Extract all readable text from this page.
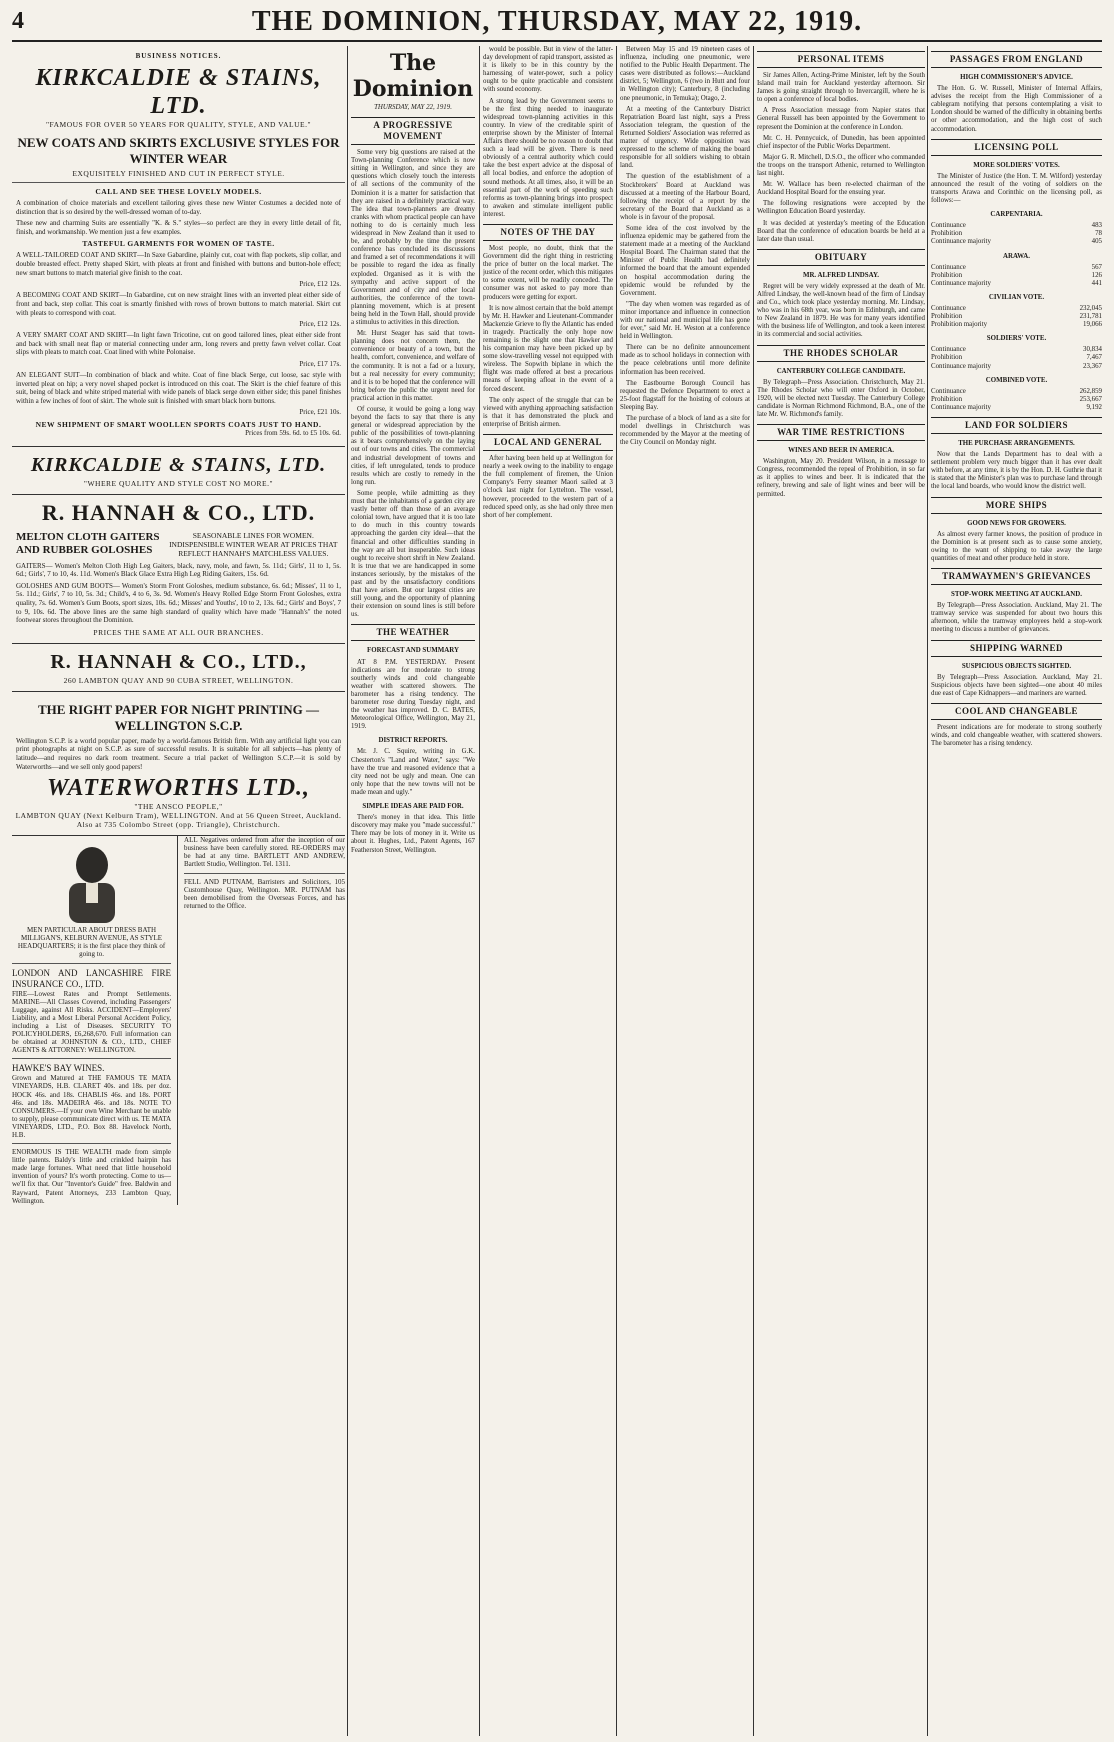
4	THE DOMINION, THURSDAY, MAY 22, 1919.
BUSINESS NOTICES.
KIRKCALDIE & STAINS, LTD.
"FAMOUS FOR OVER 50 YEARS FOR QUALITY, STYLE, AND VALUE."
NEW COATS AND SKIRTS EXCLUSIVE STYLES FOR WINTER WEAR
EXQUISITELY FINISHED AND CUT IN PERFECT STYLE.
CALL AND SEE THESE LOVELY MODELS.
A combination of choice materials and excellent tailoring gives these new Winter Costumes a decided note of distinction that is so desired by the well-dressed woman of to-day.
These new and charming Suits are essentially "K. & S." styles—so perfect are they in every little detail of fit, finish, and workmanship. We mention just a few examples.
TASTEFUL GARMENTS FOR WOMEN OF TASTE.
A WELL-TAILORED COAT AND SKIRT—In Saxe Gabardine, plainly cut, coat with flap pockets, slip collar, and double breasted effect. Pretty shaped Skirt, with pleats at front and finished with buttons and button-hole effect; new smart buttons to match material give finish to the coat.
Price, £12 12s.
A BECOMING COAT AND SKIRT—In Gabardine, cut on new straight lines with an inverted pleat either side of front and back, step collar. This coat is smartly finished with rows of brown buttons to match material. Skirt cut with pleats to correspond with coat.
Price, £12 12s.
A VERY SMART COAT AND SKIRT—In light fawn Tricotine, cut on good tailored lines, pleat either side front and back with small neat flap or material connecting under arm, long revers and pretty fawn velvet collar. Coat slips with pleats to match coat. Coat lined with white Polonaise.
Price, £17 17s.
AN ELEGANT SUIT—In combination of black and white. Coat of fine black Serge, cut loose, sac style with inverted pleat on hip; a very novel shaped pocket is introduced on this coat. The Skirt is the chief feature of this suit, being of black and white striped material with wide panels of black serge down either side; this panel finishes within a few inches of foot of skirt. The whole suit is finished with smart black horn buttons.
Price, £21 10s.
NEW SHIPMENT OF SMART WOOLLEN SPORTS COATS JUST TO HAND.
Prices from 59s. 6d. to £5 10s. 6d.
KIRKCALDIE & STAINS, LTD.
"WHERE QUALITY AND STYLE COST NO MORE."
R. HANNAH & CO., LTD.
MELTON CLOTH GAITERS AND RUBBER GOLOSHES
SEASONABLE LINES FOR WOMEN. INDISPENSIBLE WINTER WEAR AT PRICES THAT REFLECT HANNAH'S MATCHLESS VALUES.
GAITERS— Women's Melton Cloth High Leg Gaiters, black, navy, mole, and fawn, 5s. 11d.; Girls', 11 to 1, 5s. 6d.; Girls', 7 to 10, 4s. 11d. Women's Black Glace Extra High Leg Riding Gaiters, 15s. 6d.
GOLOSHES AND GUM BOOTS— Women's Storm Front Goloshes, medium substance, 6s. 6d.; Misses', 11 to 1, 5s. 11d.; Girls', 7 to 10, 5s. 3d.; Child's, 4 to 6, 3s. 9d. Women's Heavy Rolled Edge Storm Front Goloshes, extra quality, 7s. 6d. Women's Gum Boots, sport sizes, 10s. 6d.; Misses' and Youths', 10 to 2, 13s. 6d.; Girls' and Boys', 7 to 9, 10s. 6d. The above lines are the same high standard of quality which have made "Hannah's" the noted footwear stores throughout the Dominion.
PRICES THE SAME AT ALL OUR BRANCHES.
R. HANNAH & CO., LTD.,
260 LAMBTON QUAY AND 90 CUBA STREET, WELLINGTON.
THE RIGHT PAPER FOR NIGHT PRINTING —WELLINGTON S.C.P.
Wellington S.C.P. is a world popular paper, made by a world-famous British firm. With any artificial light you can print photographs at night on S.C.P. as sure of successful results. It is suitable for all subjects—has plenty of latitude—and requires no dark room treatment. Secure a trial packet of Wellington S.C.P.—it is sold by Waterworths—and we sell only good papers!
WATERWORTHS LTD.,
"THE ANSCO PEOPLE,"
LAMBTON QUAY (Next Kelburn Tram), WELLINGTON. And at 56 Queen Street, Auckland. Also at 735 Colombo Street (opp. Triangle), Christchurch.
MEN PARTICULAR ABOUT DRESS BATH MILLIGAN'S, KELBURN AVENUE, AS STYLE HEADQUARTERS; it is the first place they think of going to.
LONDON AND LANCASHIRE FIRE INSURANCE CO., LTD.
FIRE—Lowest Rates and Prompt Settlements. MARINE—All Classes Covered, including Passengers' Luggage, against All Risks. ACCIDENT—Employers' Liability, and a Most Liberal Personal Accident Policy, including a List of Diseases. SECURITY TO POLICYHOLDERS, £6,268,670. Full information can be obtained at JOHNSTON & CO., LTD., CHIEF AGENTS & ATTORNEY: WELLINGTON.
HAWKE'S BAY WINES.
Grown and Matured at THE FAMOUS TE MATA VINEYARDS, H.B. CLARET 40s. and 18s. per doz. HOCK 46s. and 18s. CHABLIS 46s. and 18s. PORT 46s. and 18s. MADEIRA 46s. and 18s. NOTE TO CONSUMERS.—If your own Wine Merchant be unable to supply, please communicate direct with us. TE MATA VINEYARDS, LTD., P.O. Box 88. Havelock North, H.B.
ENORMOUS IS THE WEALTH made from simple little patents. Baldy's little and crinkled hairpin has made large fortunes. What need that little household invention of yours? It's worth protecting. Come to us—we'll fix that. Our "Inventor's Guide" free. Baldwin and Rayward, Patent Attorneys, 233 Lambton Quay, Wellington.
ALL Negatives ordered from after the inception of our business have been carefully stored. RE-ORDERS may be had at any time. BARTLETT AND ANDREW, Bartlett Studio, Wellington. Tel. 1311.
FELL AND PUTNAM, Barristers and Solicitors, 105 Customhouse Quay, Wellington. MR. PUTNAM has been demobilised from the Overseas Forces, and has returned to the Office.
The Dominion
THURSDAY, MAY 22, 1919.
A PROGRESSIVE MOVEMENT

Some very big questions are raised at the Town-planning Conference which is now sitting in Wellington, and since they are questions which closely touch the interests of all sections of the community of the Dominion it is a matter for satisfaction that they are raised in a definitely practical way. The idea that town-planners are dreamy cranks with whom practical people can have nothing to do is certainly much less widespread in New Zealand than it used to be, and probably by the time the present conference has concluded its discussions and framed a set of recommendations it will be possible to regard the idea as finally exploded. Organised as it is with the sympathy and active support of the Government and of city and other local authorities, the conference of the town-planning movement, which is at present being held in the Town Hall, should provide a stimulus to activities in this direction.

Mr. Hurst Seager has said that town-planning does not concern them, the convenience or beauty of a town, but the health, comfort, convenience, and welfare of the community. It is not a fad or a luxury, but a real necessity for every community; and it is to be hoped that the conference will bring before the public the urgent need for practical action in this matter.

Of course, it would be going a long way beyond the facts to say that there is any general or widespread appreciation by the public of the possibilities of town-planning as it bears comprehensively on the laying out of our towns and cities. The commercial and industrial development of towns and cities, if left unregulated, tends to produce results which are costly to remedy in the long run.

Some people, while admitting as they must that the inhabitants of a garden city are vastly better off than those of an average colonial town, have argued that it is too late to do much in this country towards approaching the garden city ideal—that the financial and other difficulties standing in the way are all but insuperable. Such ideas ought to receive short shrift in New Zealand. It is true that we are handicapped in some instances seriously, by the mistakes of the past and by the unsatisfactory conditions that have arisen. But our largest cities are still young, and the opportunity of planning their extension on sound lines is still before us.

THE WEATHER
FORECAST AND SUMMARY

AT 8 P.M. YESTERDAY. Present indications are for moderate to strong southerly winds and cold changeable weather with scattered showers. The barometer has a rising tendency. The barometer rose during Tuesday night, and the weather has improved. D. C. BATES, Meteorological Office, Wellington, May 21, 1919.

DISTRICT REPORTS.

Mr. J. C. Squire, writing in G.K. Chesterton's "Land and Water," says: "We have the true and reasoned evidence that a city need not be ugly and mean. One can only hope that the new towns will not be made mean and ugly."

SIMPLE IDEAS ARE PAID FOR.

There's money in that idea. This little discovery may make you "made successful." There may be lots of money in it. Write us about it. Hughes, Ltd., Patent Agents, 167 Featherston Street, Wellington.

would be possible. But in view of the latter-day development of rapid transport, assisted as it is likely to be in this country by the harnessing of water-power, such a policy ought to be quite practicable and consistent with sound economy.

A strong lead by the Government seems to be the first thing needed to inaugurate widespread town-planning activities in this country. In view of the creditable spirit of enterprise shown by the Minister of Internal Affairs there should be no reason to doubt that such a lead will be given. There is need obviously of a central authority which could take the best expert advice at the disposal of all local bodies, and enforce the adoption of sound methods. At all times, also, it will be an essential part of the work of speeding such reforms as town-planning brings into prospect to awaken and stimulate intelligent public interest.

NOTES OF THE DAY

Most people, no doubt, think that the Government did the right thing in restricting the price of butter on the local market. The justice of the recent order, which this mitigates to some extent, will be readily conceded. The consumer was not asked to pay more than producers were getting for export.

It is now almost certain that the bold attempt by Mr. H. Hawker and Lieutenant-Commander Mackenzie Grieve to fly the Atlantic has ended in tragedy. Practically the only hope now remaining is the slight one that Hawker and his companion may have been picked up by some slow-travelling vessel not equipped with wireless. The Sopwith biplane in which the flight was made offered at best a precarious means of keeping afloat in the event of a forced descent.

The only aspect of the struggle that can be viewed with anything approaching satisfaction is that it has demonstrated the pluck and enterprise of British airmen.

LOCAL AND GENERAL

After having been held up at Wellington for nearly a week owing to the inability to engage the full complement of firemen, the Union Company's Ferry steamer Maori sailed at 3 o'clock last night for Lyttelton. The vessel, however, proceeded to the western part of a reduced speed only, as she had only three men short of her complement.

Between May 15 and 19 nineteen cases of influenza, including one pneumonic, were notified to the Public Health Department. The cases were distributed as follows:—Auckland district, 5; Wellington, 6 (two in Hutt and four in Wellington city); Canterbury, 8 (including one pneumonic, in Temuka); Otago, 2.

At a meeting of the Canterbury District Repatriation Board last night, says a Press Association telegram, the question of the Returned Soldiers' Association was referred as matter of urgency. Wide opposition was expressed to the scheme of making the board responsible for all soldiers wishing to obtain land.

The question of the establishment of a Stockbrokers' Board at Auckland was discussed at a meeting of the Harbour Board, following the receipt of a report by the secretary of the Board that Auckland as a whole is in favour of the proposal.

Some idea of the cost involved by the influenza epidemic may be gathered from the statement made at a meeting of the Auckland Hospital Board. The Chairman stated that the Minister of Public Health had definitely informed the board that the amount expended on hospital accommodation during the epidemic would be refunded by the Government.

"The day when women was regarded as of minor importance and influence in connection with our national and municipal life has gone for ever," said Mr. H. Weston at a conference held in Wellington.

There can be no definite announcement made as to school holidays in connection with the peace celebrations until more definite information has been received.

The Eastbourne Borough Council has requested the Defence Department to erect a 25-foot flagstaff for the hoisting of colours at Sleeping Bay.

The purchase of a block of land as a site for model dwellings in Christchurch was recommended by the Mayor at the meeting of the City Council on Monday night.

PERSONAL ITEMS

Sir James Allen, Acting-Prime Minister, left by the South Island mail train for Auckland yesterday afternoon. Sir James is going straight through to Invercargill, where he is to open a conference of local bodies.

A Press Association message from Napier states that General Russell has been appointed by the Government to represent the Dominion at the conference in London.

Mr. C. H. Pennycuick, of Dunedin, has been appointed chief inspector of the Public Works Department.

Major G. R. Mitchell, D.S.O., the officer who commanded the troops on the transport Athenic, returned to Wellington last night.

Mr. W. Wallace has been re-elected chairman of the Auckland Hospital Board for the ensuing year.

The following resignations were accepted by the Wellington Education Board yesterday.

It was decided at yesterday's meeting of the Education Board that the conference of education boards be held at a later date than usual.

OBITUARY
MR. ALFRED LINDSAY.

Regret will be very widely expressed at the death of Mr. Alfred Lindsay, the well-known head of the firm of Lindsay and Co., which took place yesterday morning. Mr. Lindsay, who was in his 68th year, was born in Edinburgh, and came to New Zealand in 1879. He was for many years identified with the business life of Wellington, and took a keen interest in its commercial and social activities.

THE RHODES SCHOLAR
CANTERBURY COLLEGE CANDIDATE.

By Telegraph—Press Association. Christchurch, May 21. The Rhodes Scholar who will enter Oxford in October, 1920, will be elected next Tuesday. The Canterbury College candidate is Norman Richmond Richmond, B.A., one of the late Mr. W. Richmond's family.

WAR TIME RESTRICTIONS
WINES AND BEER IN AMERICA.

Washington, May 20. President Wilson, in a message to Congress, recommended the repeal of Prohibition, in so far as it applies to wines and beer. It is indicated that the refinery, brewing and sale of light wines and beer will be permitted.

PASSAGES FROM ENGLAND
HIGH COMMISSIONER'S ADVICE.

The Hon. G. W. Russell, Minister of Internal Affairs, advises the receipt from the High Commissioner of a cablegram notifying that persons contemplating a visit to London should be warned of the difficulty in obtaining berths or other accommodation, and the high cost of such accommodation.

LICENSING POLL
MORE SOLDIERS' VOTES.

The Minister of Justice (the Hon. T. M. Wilford) yesterday announced the result of the voting of soldiers on the transports Arawa and Corinthic on the licensing poll, as follows:—

CARPENTARIA.
Continuance	483
Prohibition	78
Continuance majority	405
ARAWA.
Continuance	567
Prohibition	126
Continuance majority	441
CIVILIAN VOTE.
Continuance	232,045
Prohibition	231,781
Prohibition majority	19,066
SOLDIERS' VOTE.
Continuance	30,834
Prohibition	7,467
Continuance majority	23,367
COMBINED VOTE.
Continuance	262,859
Prohibition	253,667
Continuance majority	9,192
LAND FOR SOLDIERS
THE PURCHASE ARRANGEMENTS.

Now that the Lands Department has to deal with a settlement problem very much bigger than it has ever dealt with before, at any time, it is by the Hon. D. H. Guthrie that it is stated that the Minister's plan was to purchase land through the local land boards, who would know the district well.

MORE SHIPS
GOOD NEWS FOR GROWERS.

As almost every farmer knows, the position of produce in the Dominion is at present such as to cause some anxiety, owing to the want of shipping to take away the large quantities of meat and other produce held in store.

TRAMWAYMEN'S GRIEVANCES
STOP-WORK MEETING AT AUCKLAND.

By Telegraph—Press Association. Auckland, May 21. The tramway service was suspended for about two hours this afternoon, while the tramway employees held a stop-work meeting to discuss a number of grievances.

SHIPPING WARNED
SUSPICIOUS OBJECTS SIGHTED.

By Telegraph—Press Association. Auckland, May 21. Suspicious objects have been sighted—one about 40 miles due east of Cape Kidnappers—and mariners are warned.

COOL AND CHANGEABLE

Present indications are for moderate to strong southerly winds, and cold changeable weather, with scattered showers. The barometer has a rising tendency.
